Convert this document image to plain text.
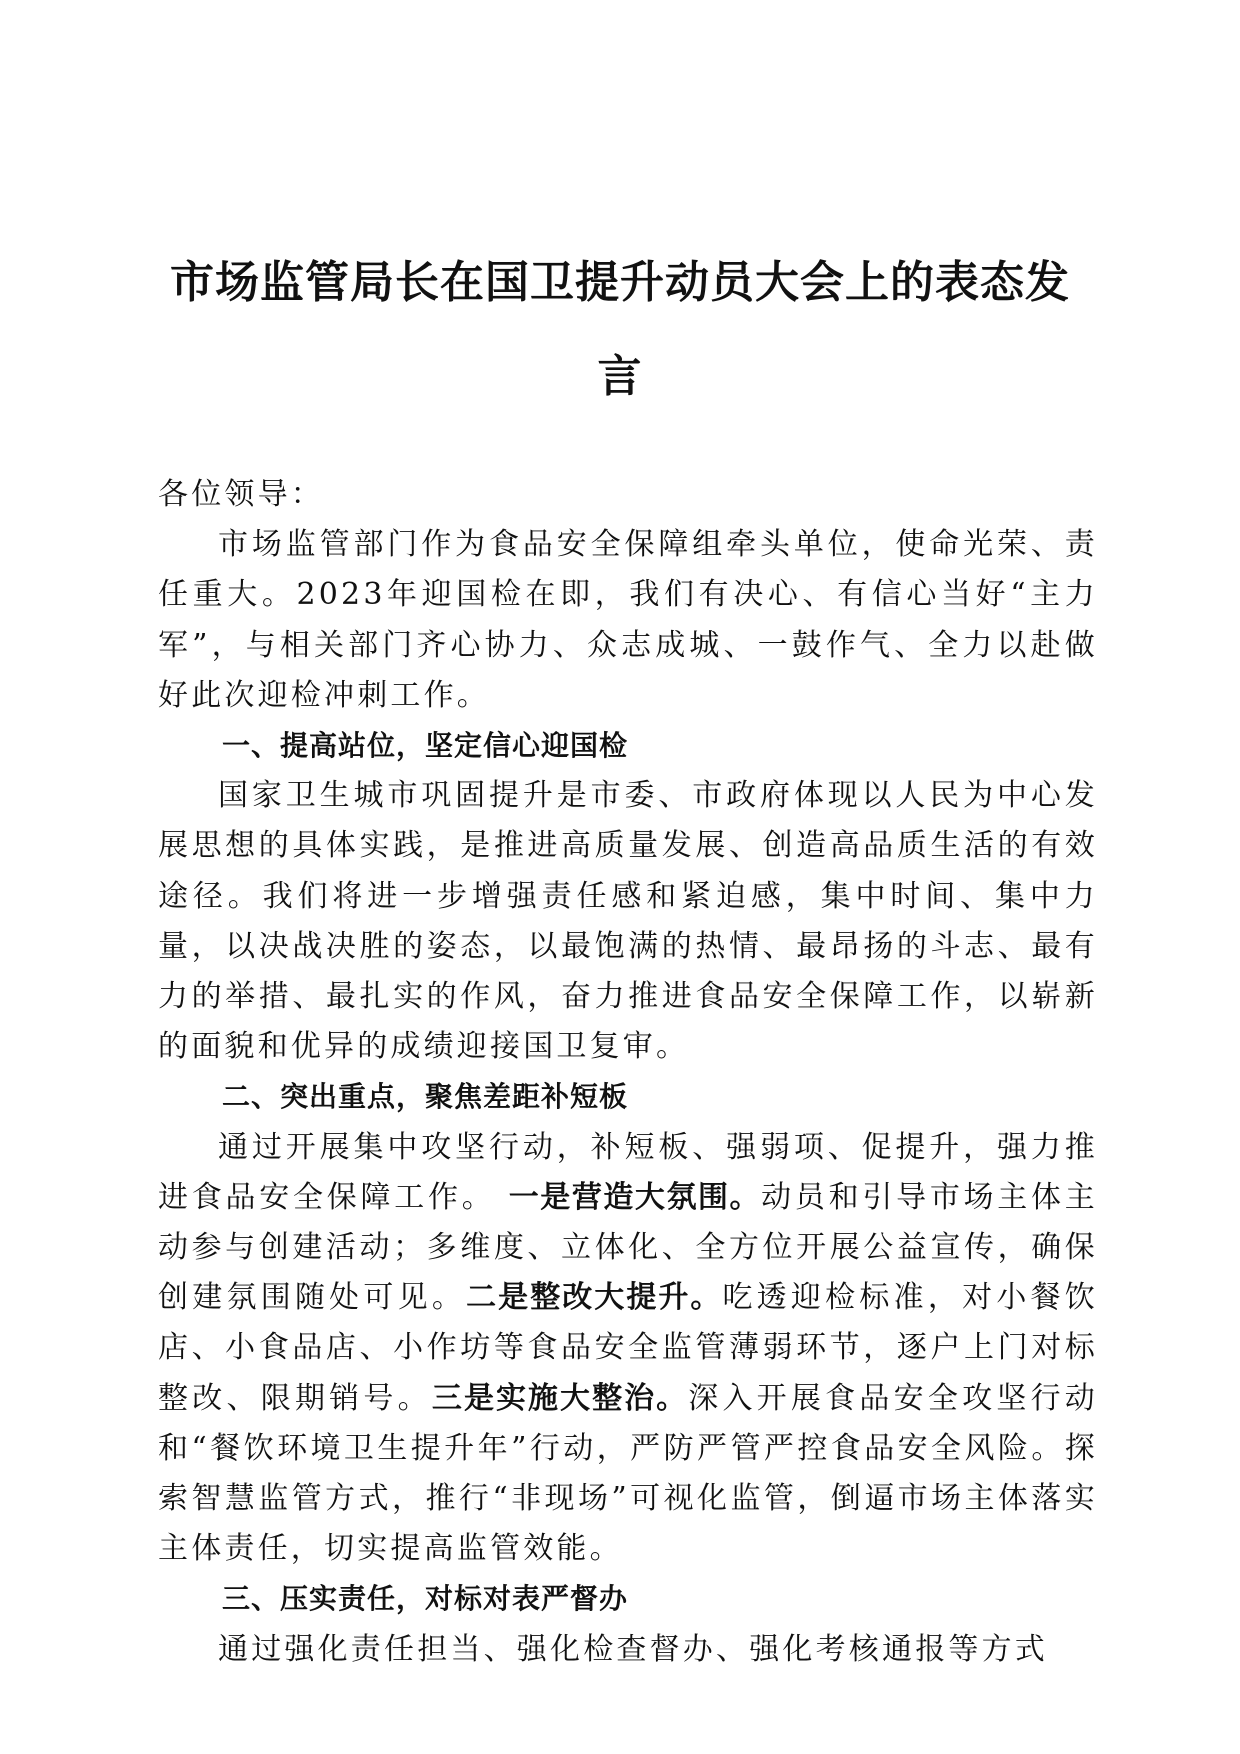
市场监管局长在国卫提升动员大会上的表态发言

各位领导：

市场监管部门作为食品安全保障组牵头单位，使命光荣、责任重大。2023年迎国检在即，我们有决心、有信心当好“主力军”，与相关部门齐心协力、众志成城、一鼓作气、全力以赴做好此次迎检冲刺工作。

一、提高站位，坚定信心迎国检

国家卫生城市巩固提升是市委、市政府体现以人民为中心发展思想的具体实践，是推进高质量发展、创造高品质生活的有效途径。我们将进一步增强责任感和紧迫感，集中时间、集中力量，以决战决胜的姿态，以最饱满的热情、最昂扬的斗志、最有力的举措、最扎实的作风，奋力推进食品安全保障工作，以崭新的面貌和优异的成绩迎接国卫复审。

二、突出重点，聚焦差距补短板

通过开展集中攻坚行动，补短板、强弱项、促提升，强力推进食品安全保障工作。 一是营造大氛围。动员和引导市场主体主动参与创建活动；多维度、立体化、全方位开展公益宣传，确保创建氛围随处可见。二是整改大提升。吃透迎检标准，对小餐饮店、小食品店、小作坊等食品安全监管薄弱环节，逐户上门对标整改、限期销号。三是实施大整治。深入开展食品安全攻坚行动和“餐饮环境卫生提升年”行动，严防严管严控食品安全风险。探索智慧监管方式，推行“非现场”可视化监管，倒逼市场主体落实主体责任，切实提高监管效能。

三、压实责任，对标对表严督办

通过强化责任担当、强化检查督办、强化考核通报等方式
